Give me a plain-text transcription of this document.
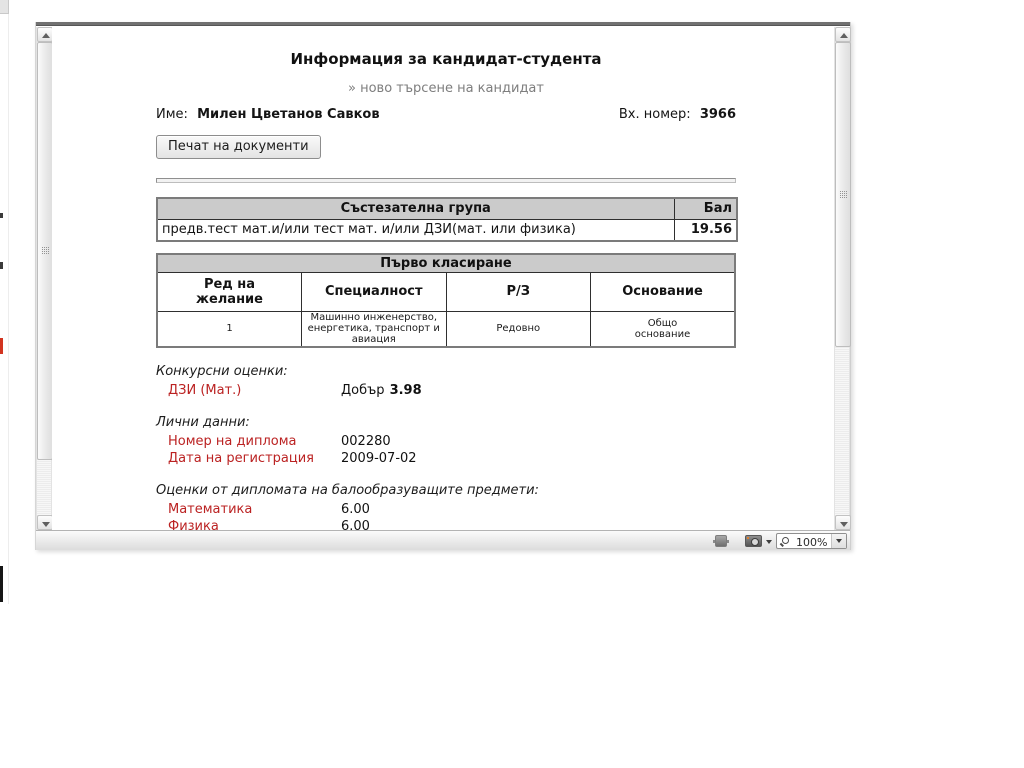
Информация за кандидат-студента
» ново търсене на кандидат
Име: Милен Цветанов Савков	Вх. номер: 3966
Печат на документи
Състезателна група	Бал
предв.тест мат.и/или тест мат. и/или ДЗИ(мат. или физика)	19.56
Първо класиране			
Ред на желание	Специалност	Р/З	Основание
1	Машинно инженерство, енергетика, транспорт и авиация	Редовно	Общо основание
Конкурсни оценки:
ДЗИ (Мат.)	Добър 3.98
Лични данни:
Номер на диплома	002280
Дата на регистрация	2009-07-02
Оценки от дипломата на балообразуващите предмети:
Математика	6.00
Физика	6.00
100%
